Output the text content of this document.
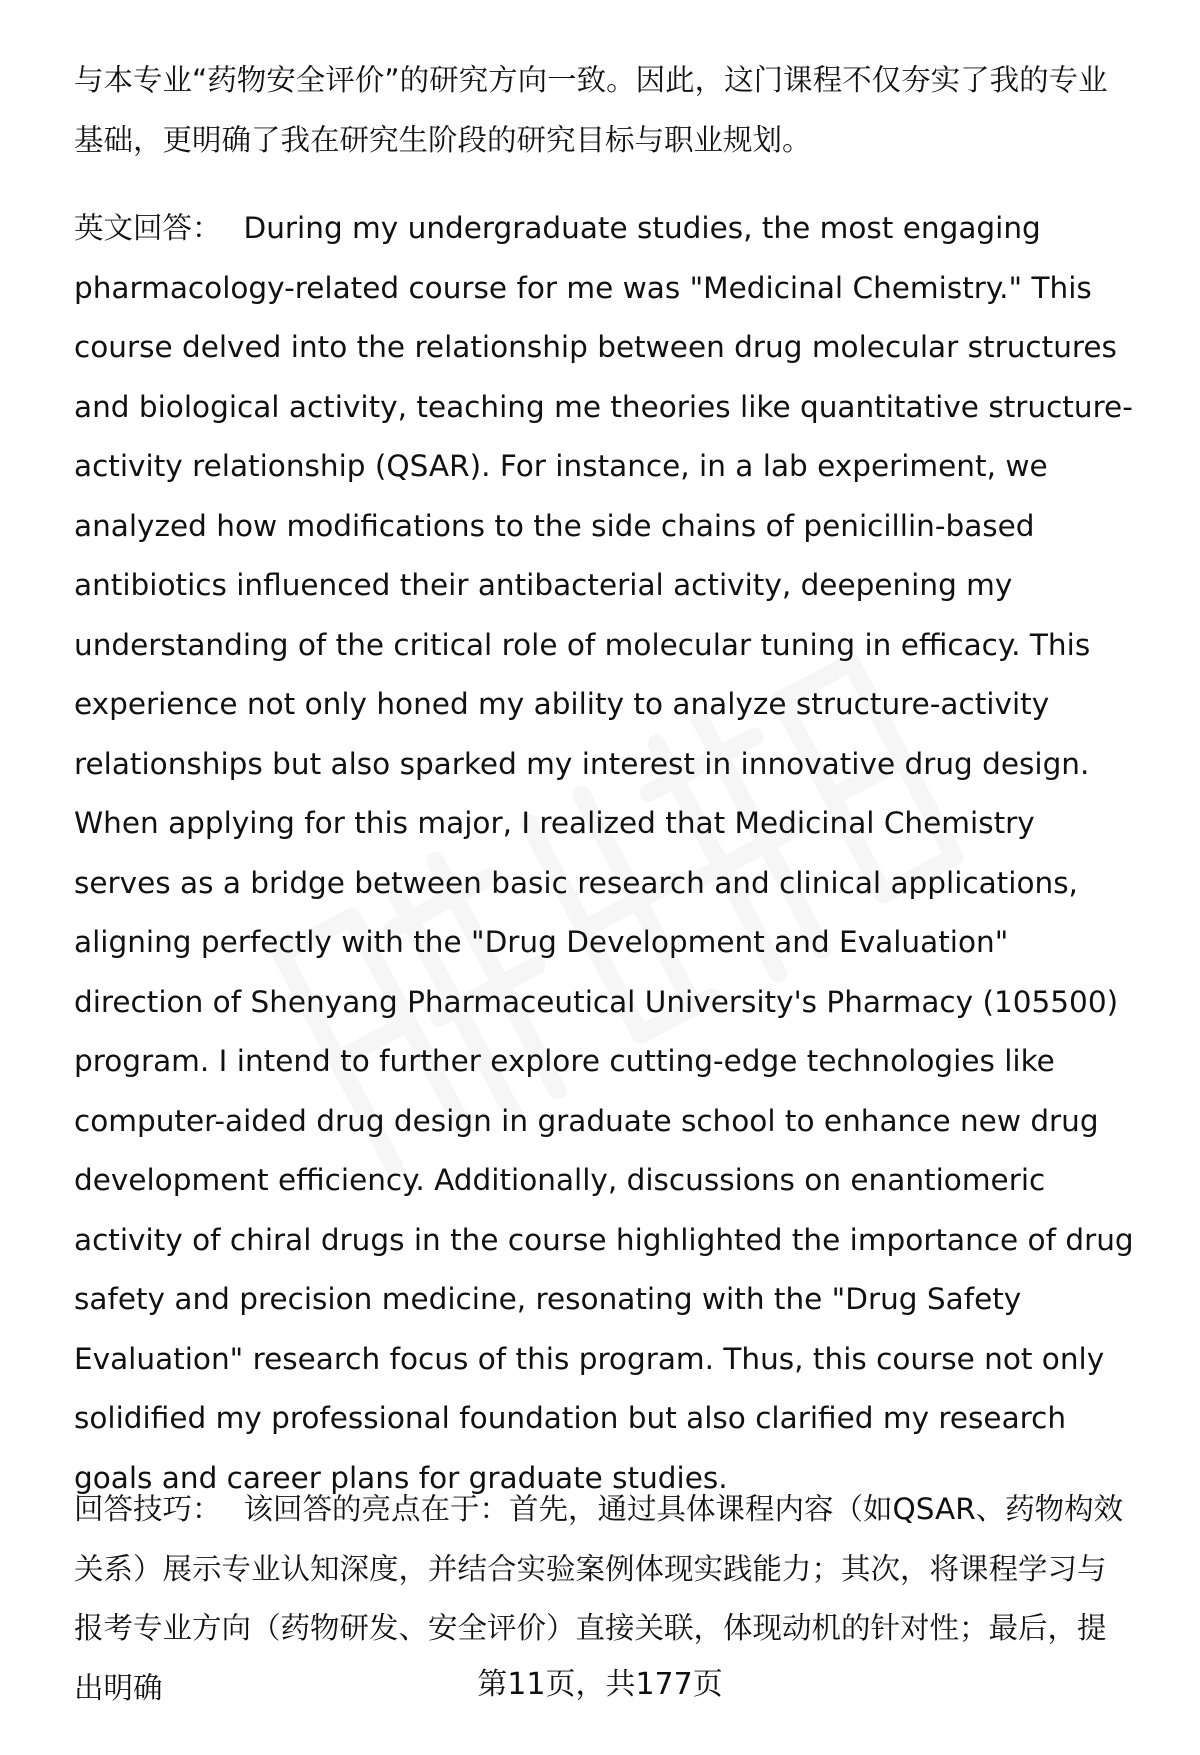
与本专业“药物安全评价”的研究方向一致。因此，这门课程不仅夯实了我的专业基础，更明确了我在研究生阶段的研究目标与职业规划。
英文回答： During my undergraduate studies, the most engaging pharmacology-related course for me was "Medicinal Chemistry." This course delved into the relationship between drug molecular structures and biological activity, teaching me theories like quantitative structure-activity relationship (QSAR). For instance, in a lab experiment, we analyzed how modifications to the side chains of penicillin-based antibiotics influenced their antibacterial activity, deepening my understanding of the critical role of molecular tuning in efficacy. This experience not only honed my ability to analyze structure-activity relationships but also sparked my interest in innovative drug design. When applying for this major, I realized that Medicinal Chemistry serves as a bridge between basic research and clinical applications, aligning perfectly with the "Drug Development and Evaluation" direction of Shenyang Pharmaceutical University's Pharmacy (105500) program. I intend to further explore cutting-edge technologies like computer-aided drug design in graduate school to enhance new drug development efficiency. Additionally, discussions on enantiomeric activity of chiral drugs in the course highlighted the importance of drug safety and precision medicine, resonating with the "Drug Safety Evaluation" research focus of this program. Thus, this course not only solidified my professional foundation but also clarified my research goals and career plans for graduate studies.
回答技巧： 该回答的亮点在于：首先，通过具体课程内容（如QSAR、药物构效关系）展示专业认知深度，并结合实验案例体现实践能力；其次，将课程学习与报考专业方向（药物研发、安全评价）直接关联，体现动机的针对性；最后，提出明确	第11页，共177页
